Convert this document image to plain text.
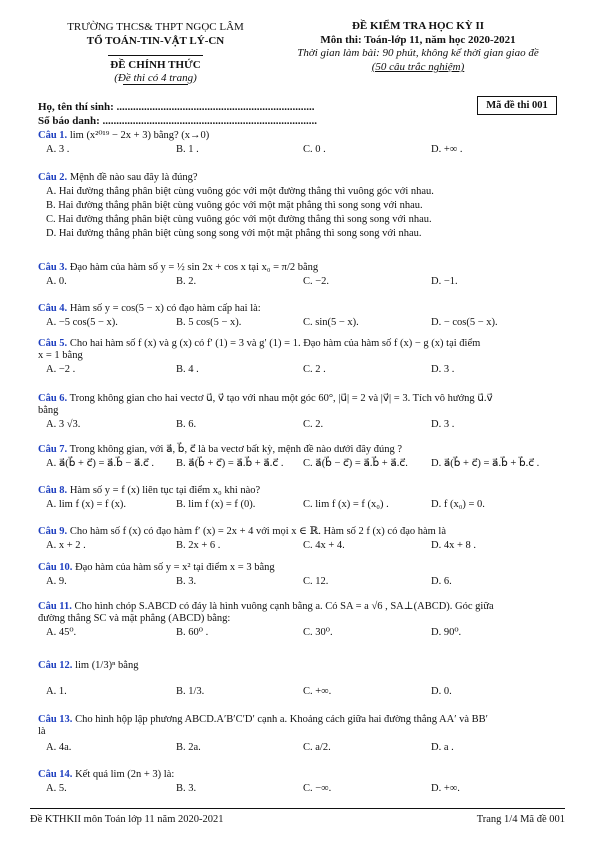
TRƯỜNG THCS& THPT NGỌC LÂM
TỔ TOÁN-TIN-VẬT LÝ-CN
ĐỀ CHÍNH THỨC
(Đề thi có 4 trang)
ĐỀ KIỂM TRA HỌC KỲ II
Môn thi: Toán-lớp 11, năm học 2020-2021
Thời gian làm bài: 90 phút, không kể thời gian giao đề
(50 câu trắc nghiệm)
Họ, tên thí sinh: ........................................................................
Số báo danh: ..............................................................................
Mã đề thi 001
Câu 1. lim (x²⁰¹⁹ − 2x + 3) bằng? (x→0)
A. 3 .	B. 1 .	C. 0 .	D. +∞ .
Câu 2. Mệnh đề nào sau đây là đúng?
A. Hai đường thẳng phân biệt cùng vuông góc với một đường thẳng thì vuông góc với nhau.
B. Hai đường thẳng phân biệt cùng vuông góc với một mặt phẳng thì song song với nhau.
C. Hai đường thẳng phân biệt cùng vuông góc với một đường thẳng thì song song với nhau.
D. Hai đường thẳng phân biệt cùng song song với một mặt phẳng thì song song với nhau.
Câu 3. Đạo hàm của hàm số y = ½ sin 2x + cos x tại x₀ = π/2 bằng
A. 0.	B. 2.	C. −2.	D. −1.
Câu 4. Hàm số y = cos(5 − x) có đạo hàm cấp hai là:
A. −5 cos(5 − x).	B. 5 cos(5 − x).	C. sin(5 − x).	D. − cos(5 − x).
Câu 5. Cho hai hàm số f (x) và g (x) có f′ (1) = 3 và g′ (1) = 1. Đạo hàm của hàm số f (x) − g (x) tại điểm
x = 1 bằng
A. −2 .	B. 4 .	C. 2 .	D. 3 .
Câu 6. Trong không gian cho hai vectơ u⃗, v⃗ tạo với nhau một góc 60°, |u⃗| = 2 và |v⃗| = 3. Tích vô hướng u⃗.v⃗
bằng
A. 3 √3.	B. 6.	C. 2.	D. 3 .
Câu 7. Trong không gian, với a⃗, b⃗, c⃗ là ba vectơ bất kỳ, mệnh đề nào dưới đây đúng ?
A. a⃗(b⃗ + c⃗) = a⃗.b⃗ − a⃗.c⃗ . B. a⃗(b⃗ + c⃗) = a⃗.b⃗ + a⃗.c⃗ . C. a⃗(b⃗ − c⃗) = a⃗.b⃗ + a⃗.c⃗. D. a⃗(b⃗ + c⃗) = a⃗.b⃗ + b⃗.c⃗ .
Câu 8. Hàm số y = f (x) liên tục tại điểm x₀ khi nào?
A. lim f (x) = f (x).	B. lim f (x) = f (0).	C. lim f (x) = f (x₀) .	D. f (x₀) = 0.
Câu 9. Cho hàm số f (x) có đạo hàm f′ (x) = 2x + 4 với mọi x ∈ ℝ. Hàm số 2 f (x) có đạo hàm là
A. x + 2 .	B. 2x + 6 .	C. 4x + 4.	D. 4x + 8 .
Câu 10. Đạo hàm của hàm số y = x² tại điểm x = 3 bằng
A. 9.	B. 3.	C. 12.	D. 6.
Câu 11. Cho hình chóp S.ABCD có đáy là hình vuông cạnh bằng a. Có SA = a √6 , SA⊥(ABCD). Góc giữa
đường thẳng SC và mặt phẳng (ABCD) bằng:
A. 45⁰.	B. 60⁰ .	C. 30⁰.	D. 90⁰.
Câu 12. lim (1/3)ⁿ bằng
A. 1.	B. 1/3.	C. +∞.	D. 0.
Câu 13. Cho hình hộp lập phương ABCD.A′B′C′D′ cạnh a. Khoảng cách giữa hai đường thẳng AA′ và BB′
là
A. 4a.	B. 2a.	C. a/2.	D. a .
Câu 14. Kết quả lim (2n + 3) là:
A. 5.	B. 3.	C. −∞.	D. +∞.
Đề KTHKII môn Toán lớp 11 năm 2020-2021	Trang 1/4 Mã đề 001
